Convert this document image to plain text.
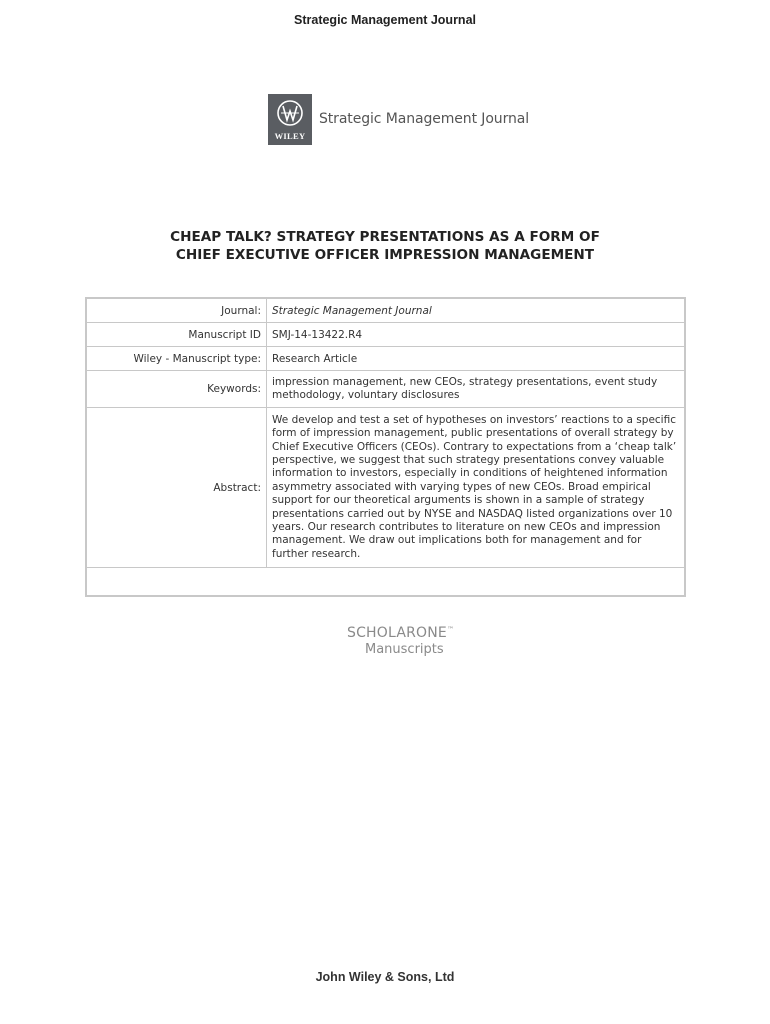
Strategic Management Journal
WILEY
Strategic Management Journal
CHEAP TALK? STRATEGY PRESENTATIONS AS A FORM OF
CHIEF EXECUTIVE OFFICER IMPRESSION MANAGEMENT
Journal:	Strategic Management Journal
Manuscript ID	SMJ-14-13422.R4
Wiley - Manuscript type:	Research Article
Keywords:	impression management, new CEOs, strategy presentations, event study methodology, voluntary disclosures
Abstract:	We develop and test a set of hypotheses on investors’ reactions to a specific form of impression management, public presentations of overall strategy by Chief Executive Officers (CEOs). Contrary to expectations from a ‘cheap talk’ perspective, we suggest that such strategy presentations convey valuable information to investors, especially in conditions of heightened information asymmetry associated with varying types of new CEOs. Broad empirical support for our theoretical arguments is shown in a sample of strategy presentations carried out by NYSE and NASDAQ listed organizations over 10 years. Our research contributes to literature on new CEOs and impression management. We draw out implications both for management and for further research.

SCHOLARONE™
Manuscripts
John Wiley & Sons, Ltd
